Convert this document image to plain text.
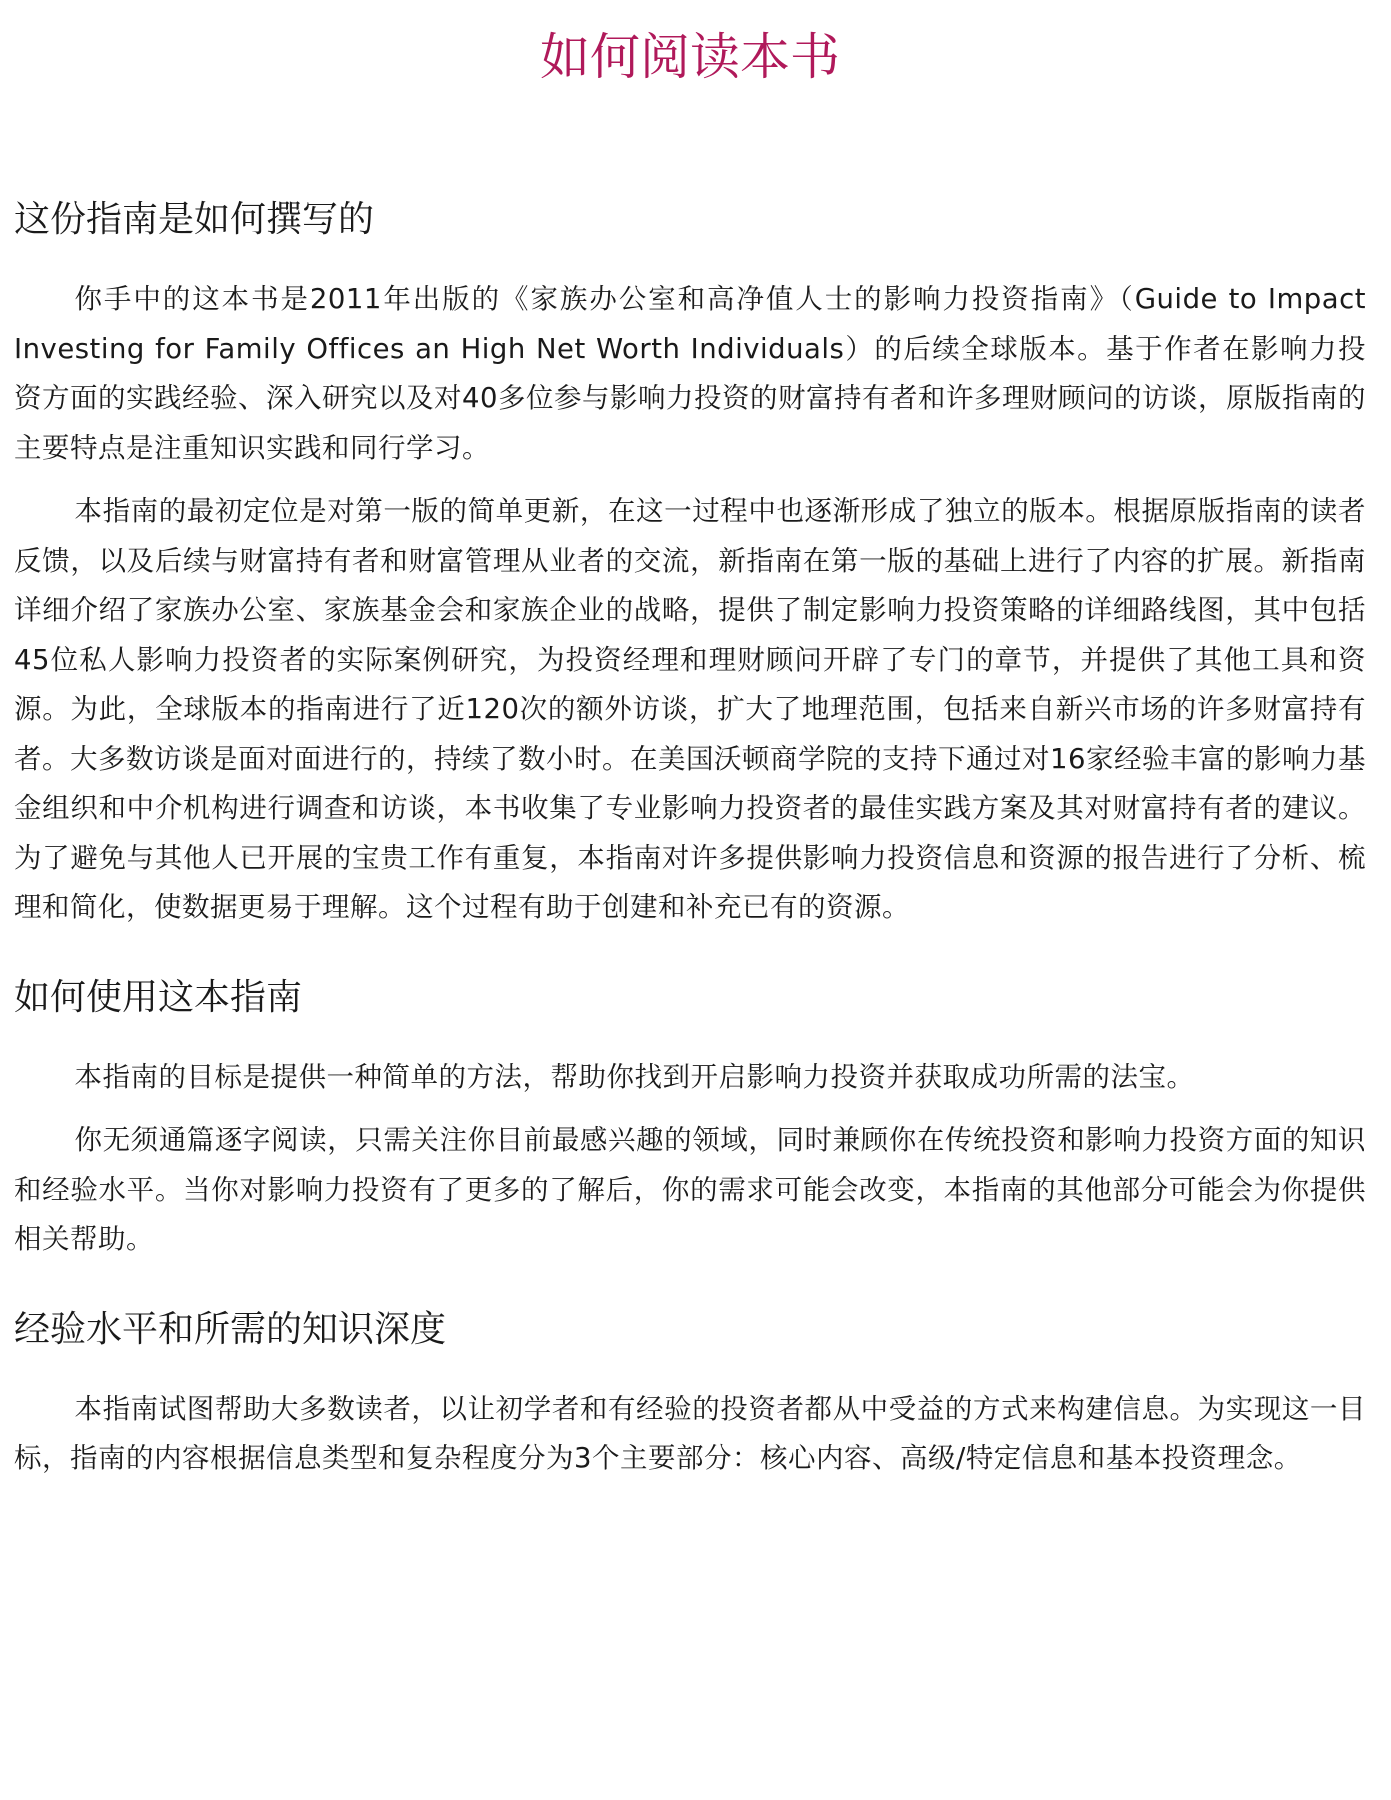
如何阅读本书
这份指南是如何撰写的

你手中的这本书是2011年出版的《家族办公室和高净值人士的影响力投资指南》（Guide to Impact Investing for Family Offices an High Net Worth Individuals）的后续全球版本。基于作者在影响力投资方面的实践经验、深入研究以及对40多位参与影响力投资的财富持有者和许多理财顾问的访谈，原版指南的主要特点是注重知识实践和同行学习。

本指南的最初定位是对第一版的简单更新，在这一过程中也逐渐形成了独立的版本。根据原版指南的读者反馈，以及后续与财富持有者和财富管理从业者的交流，新指南在第一版的基础上进行了内容的扩展。新指南详细介绍了家族办公室、家族基金会和家族企业的战略，提供了制定影响力投资策略的详细路线图，其中包括45位私人影响力投资者的实际案例研究，为投资经理和理财顾问开辟了专门的章节，并提供了其他工具和资源。为此，全球版本的指南进行了近120次的额外访谈，扩大了地理范围，包括来自新兴市场的许多财富持有者。大多数访谈是面对面进行的，持续了数小时。在美国沃顿商学院的支持下通过对16家经验丰富的影响力基金组织和中介机构进行调查和访谈，本书收集了专业影响力投资者的最佳实践方案及其对财富持有者的建议。为了避免与其他人已开展的宝贵工作有重复，本指南对许多提供影响力投资信息和资源的报告进行了分析、梳理和简化，使数据更易于理解。这个过程有助于创建和补充已有的资源。

如何使用这本指南

本指南的目标是提供一种简单的方法，帮助你找到开启影响力投资并获取成功所需的法宝。

你无须通篇逐字阅读，只需关注你目前最感兴趣的领域，同时兼顾你在传统投资和影响力投资方面的知识和经验水平。当你对影响力投资有了更多的了解后，你的需求可能会改变，本指南的其他部分可能会为你提供相关帮助。

经验水平和所需的知识深度

本指南试图帮助大多数读者，以让初学者和有经验的投资者都从中受益的方式来构建信息。为实现这一目标，指南的内容根据信息类型和复杂程度分为3个主要部分：核心内容、高级/特定信息和基本投资理念。
